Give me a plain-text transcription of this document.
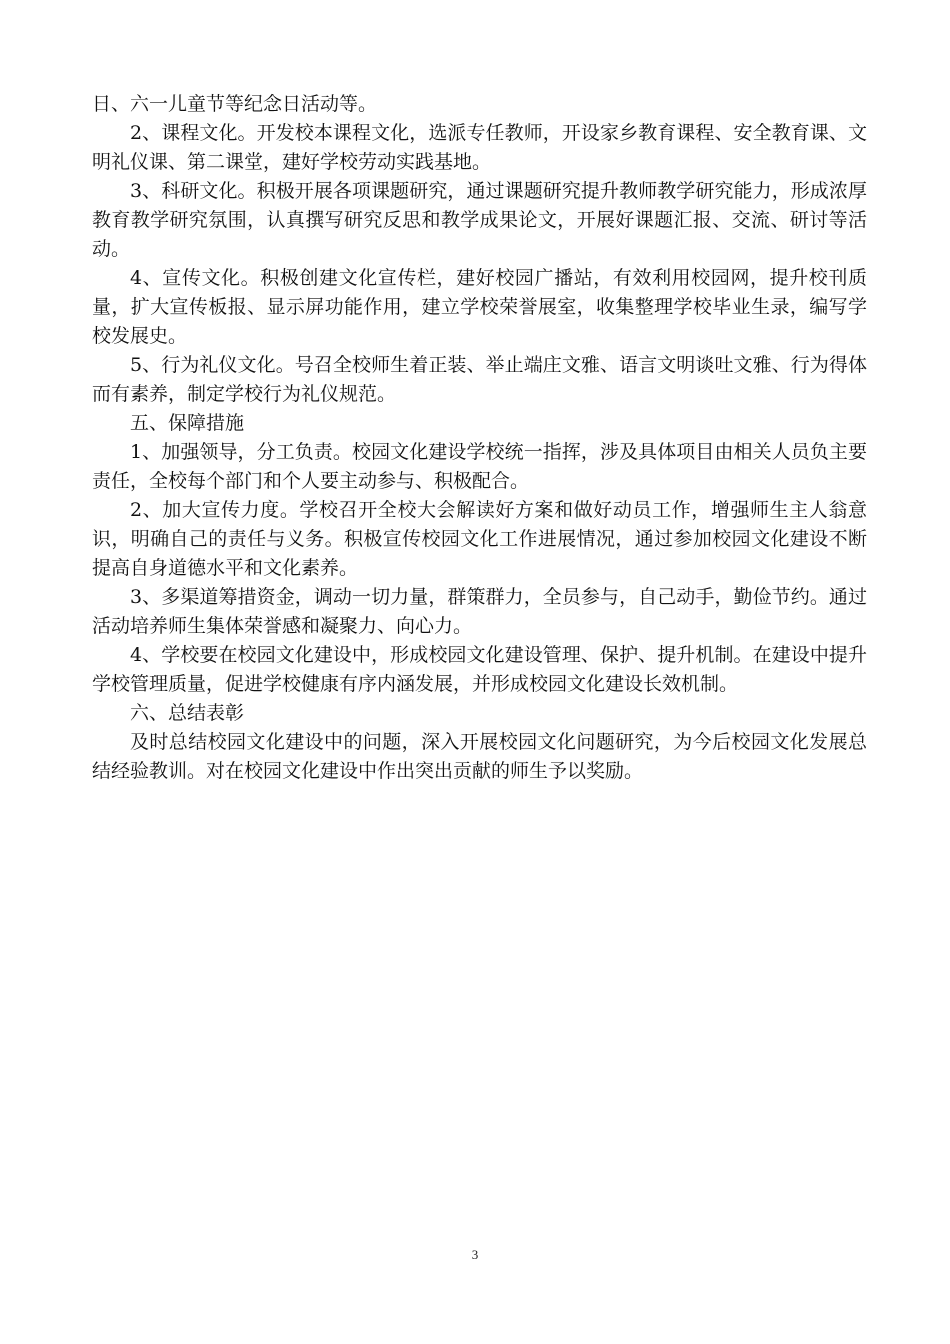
日、六一儿童节等纪念日活动等。

2、课程文化。开发校本课程文化，选派专任教师，开设家乡教育课程、安全教育课、文明礼仪课、第二课堂，建好学校劳动实践基地。

3、科研文化。积极开展各项课题研究，通过课题研究提升教师教学研究能力，形成浓厚教育教学研究氛围，认真撰写研究反思和教学成果论文，开展好课题汇报、交流、研讨等活动。

4、宣传文化。积极创建文化宣传栏，建好校园广播站，有效利用校园网，提升校刊质量，扩大宣传板报、显示屏功能作用，建立学校荣誉展室，收集整理学校毕业生录，编写学校发展史。

5、行为礼仪文化。号召全校师生着正装、举止端庄文雅、语言文明谈吐文雅、行为得体而有素养，制定学校行为礼仪规范。

五、保障措施

1、加强领导，分工负责。校园文化建设学校统一指挥，涉及具体项目由相关人员负主要责任，全校每个部门和个人要主动参与、积极配合。

2、加大宣传力度。学校召开全校大会解读好方案和做好动员工作，增强师生主人翁意识，明确自己的责任与义务。积极宣传校园文化工作进展情况，通过参加校园文化建设不断提高自身道德水平和文化素养。

3、多渠道筹措资金，调动一切力量，群策群力，全员参与，自己动手，勤俭节约。通过活动培养师生集体荣誉感和凝聚力、向心力。

4、学校要在校园文化建设中，形成校园文化建设管理、保护、提升机制。在建设中提升学校管理质量，促进学校健康有序内涵发展，并形成校园文化建设长效机制。

六、总结表彰

及时总结校园文化建设中的问题，深入开展校园文化问题研究，为今后校园文化发展总结经验教训。对在校园文化建设中作出突出贡献的师生予以奖励。

3
